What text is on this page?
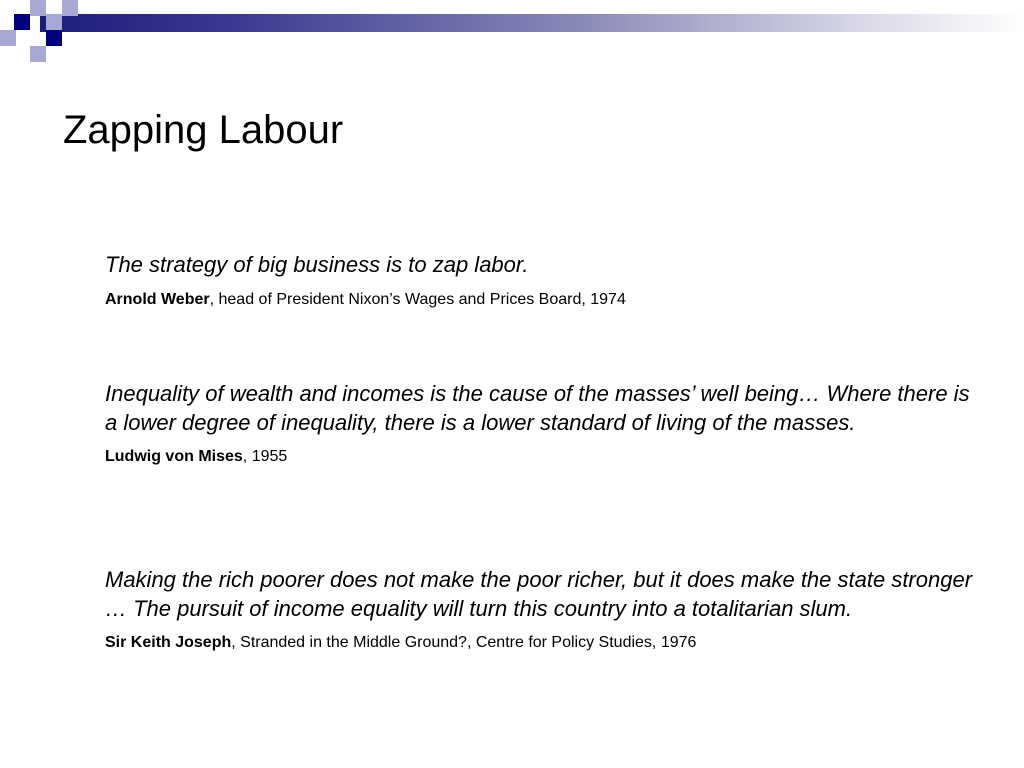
Zapping Labour

The strategy of big business is to zap labor.

Arnold Weber, head of President Nixon’s Wages and Prices Board, 1974

Inequality of wealth and incomes is the cause of the masses’ well being… Where there is a lower degree of inequality, there is a lower standard of living of the masses.

Ludwig von Mises, 1955

Making the rich poorer does not make the poor richer, but it does make the state stronger … The pursuit of income equality will turn this country into a totalitarian slum.

Sir Keith Joseph, Stranded in the Middle Ground?, Centre for Policy Studies, 1976
